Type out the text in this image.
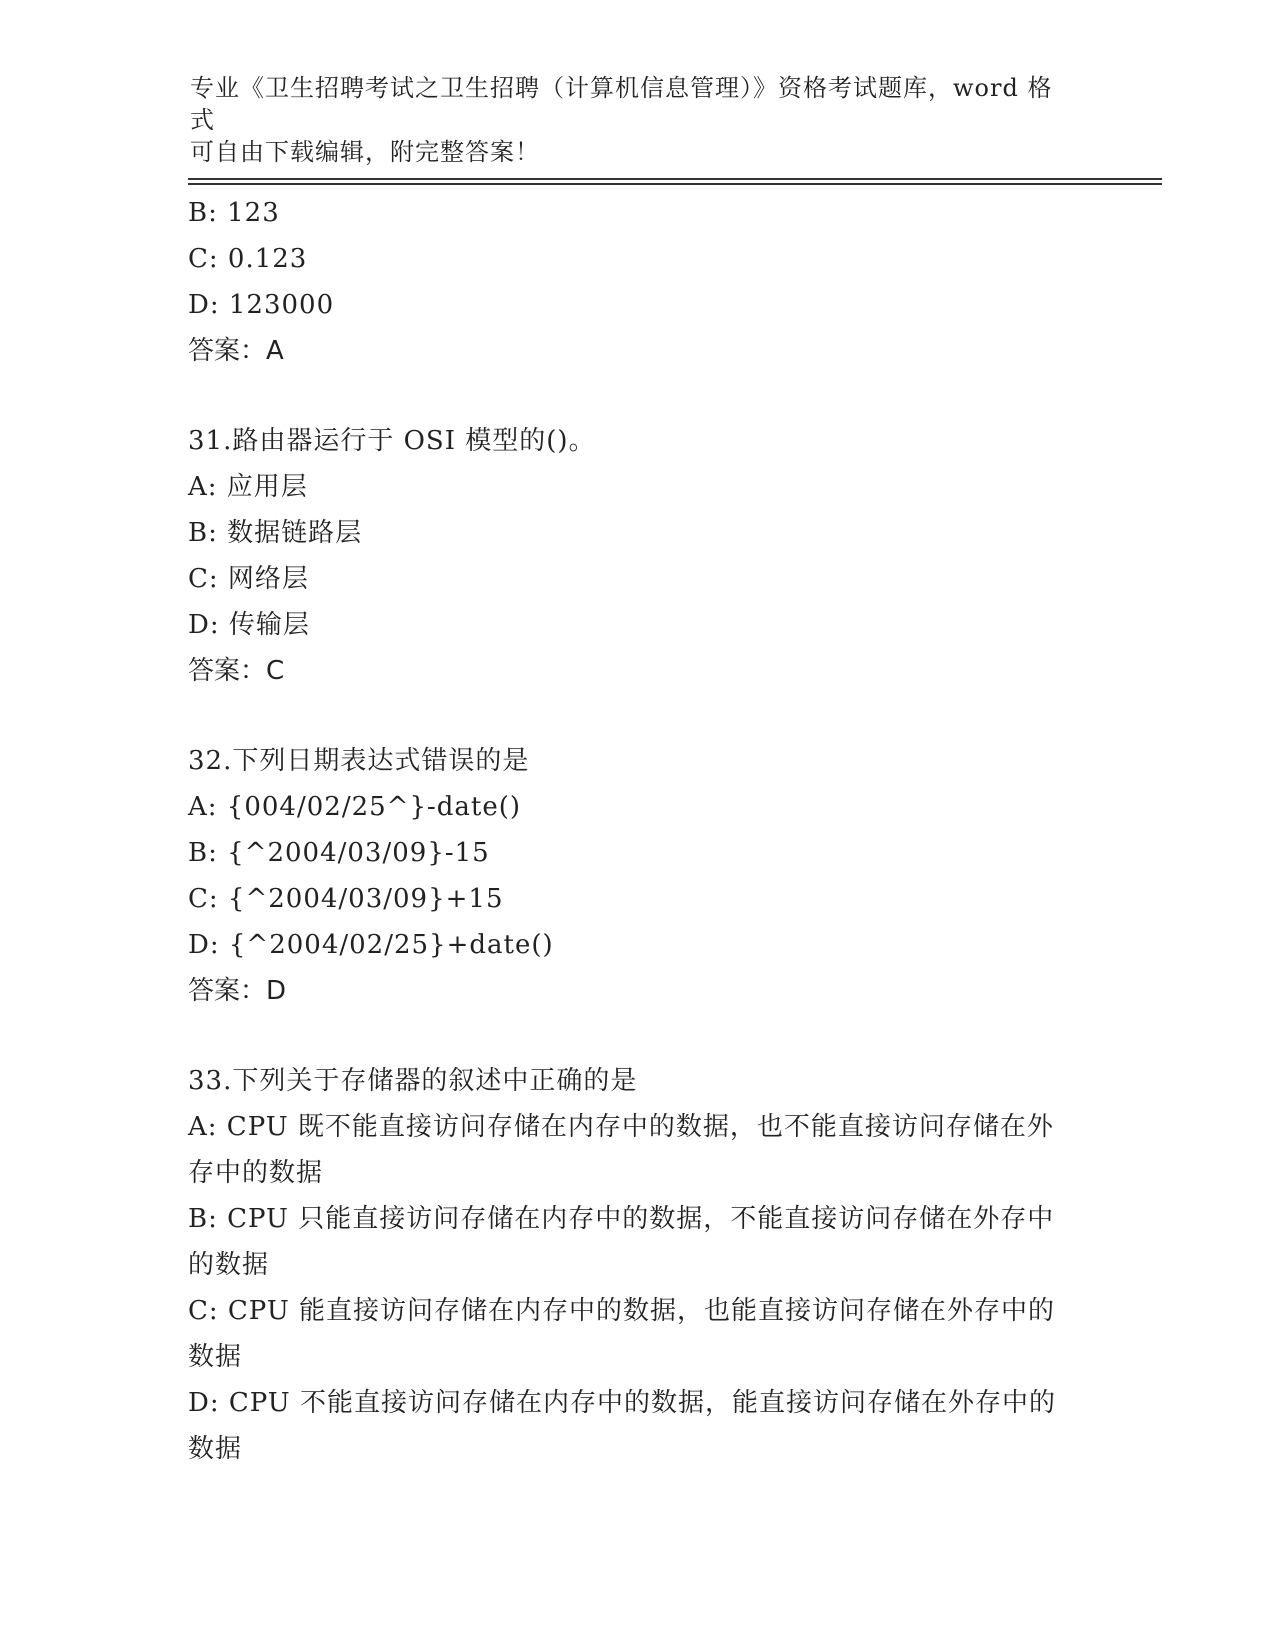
专业《卫生招聘考试之卫生招聘（计算机信息管理）》资格考试题库，word 格式
可自由下载编辑，附完整答案！
B: 123
C: 0.123
D: 123000
答案：A
31.路由器运行于 OSI 模型的()。
A: 应用层
B: 数据链路层
C: 网络层
D: 传输层
答案：C
32.下列日期表达式错误的是
A: {004/02/25^}-date()
B: {^2004/03/09}-15
C: {^2004/03/09}+15
D: {^2004/02/25}+date()
答案：D
33.下列关于存储器的叙述中正确的是
A: CPU 既不能直接访问存储在内存中的数据，也不能直接访问存储在外存中的数据
B: CPU 只能直接访问存储在内存中的数据，不能直接访问存储在外存中的数据
C: CPU 能直接访问存储在内存中的数据，也能直接访问存储在外存中的数据
D: CPU 不能直接访问存储在内存中的数据，能直接访问存储在外存中的数据
